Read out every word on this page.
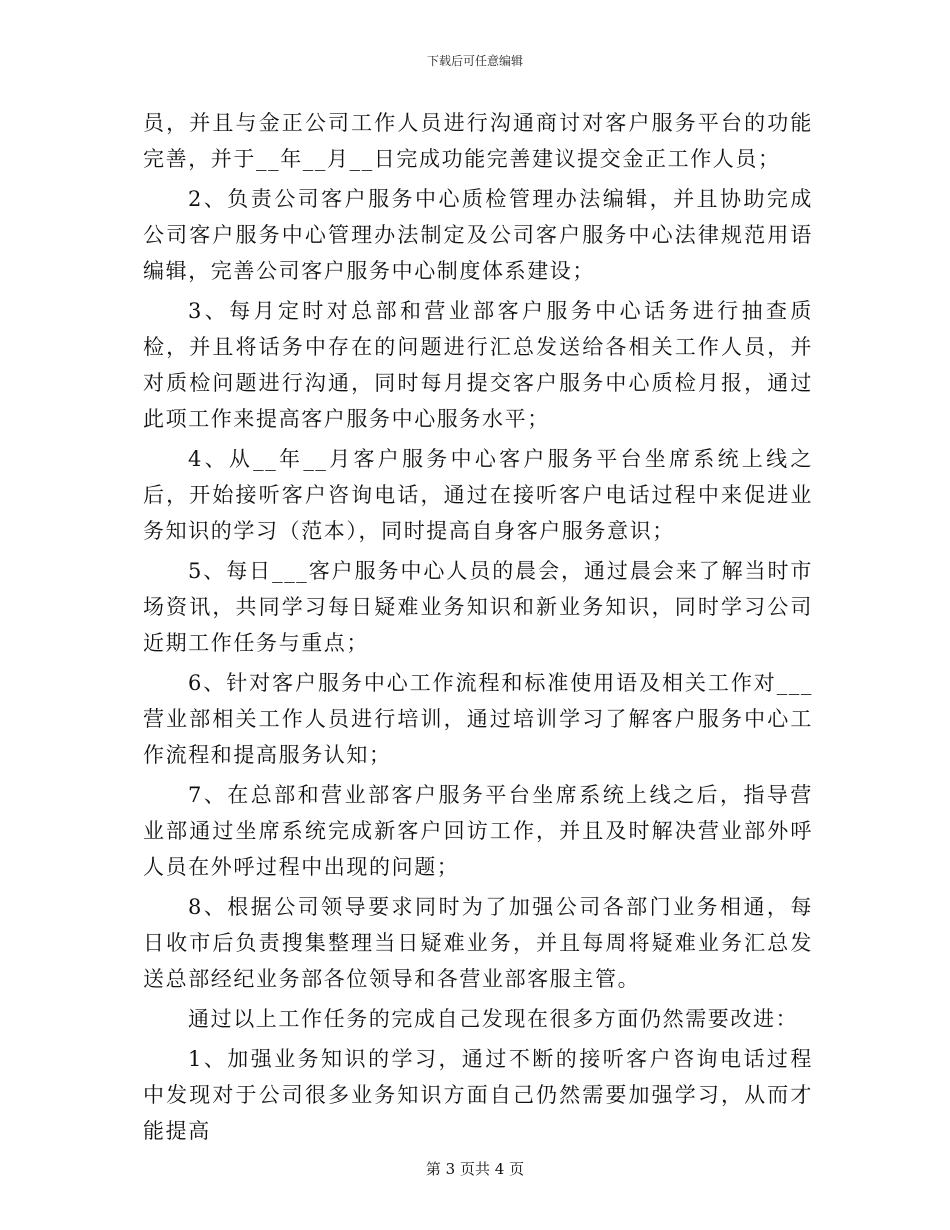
下载后可任意编辑

员，并且与金正公司工作人员进行沟通商讨对客户服务平台的功能完善，并于__年__月__日完成功能完善建议提交金正工作人员；

2、负责公司客户服务中心质检管理办法编辑，并且协助完成公司客户服务中心管理办法制定及公司客户服务中心法律规范用语编辑，完善公司客户服务中心制度体系建设；

3、每月定时对总部和营业部客户服务中心话务进行抽查质检，并且将话务中存在的问题进行汇总发送给各相关工作人员，并对质检问题进行沟通，同时每月提交客户服务中心质检月报，通过此项工作来提高客户服务中心服务水平；

4、从__年__月客户服务中心客户服务平台坐席系统上线之后，开始接听客户咨询电话，通过在接听客户电话过程中来促进业务知识的学习（范本），同时提高自身客户服务意识；

5、每日___客户服务中心人员的晨会，通过晨会来了解当时市场资讯，共同学习每日疑难业务知识和新业务知识，同时学习公司近期工作任务与重点；

6、针对客户服务中心工作流程和标准使用语及相关工作对___营业部相关工作人员进行培训，通过培训学习了解客户服务中心工作流程和提高服务认知；

7、在总部和营业部客户服务平台坐席系统上线之后，指导营业部通过坐席系统完成新客户回访工作，并且及时解决营业部外呼人员在外呼过程中出现的问题；

8、根据公司领导要求同时为了加强公司各部门业务相通，每日收市后负责搜集整理当日疑难业务，并且每周将疑难业务汇总发送总部经纪业务部各位领导和各营业部客服主管。

通过以上工作任务的完成自己发现在很多方面仍然需要改进：

1、加强业务知识的学习，通过不断的接听客户咨询电话过程中发现对于公司很多业务知识方面自己仍然需要加强学习，从而才能提高

第 3 页共 4 页
